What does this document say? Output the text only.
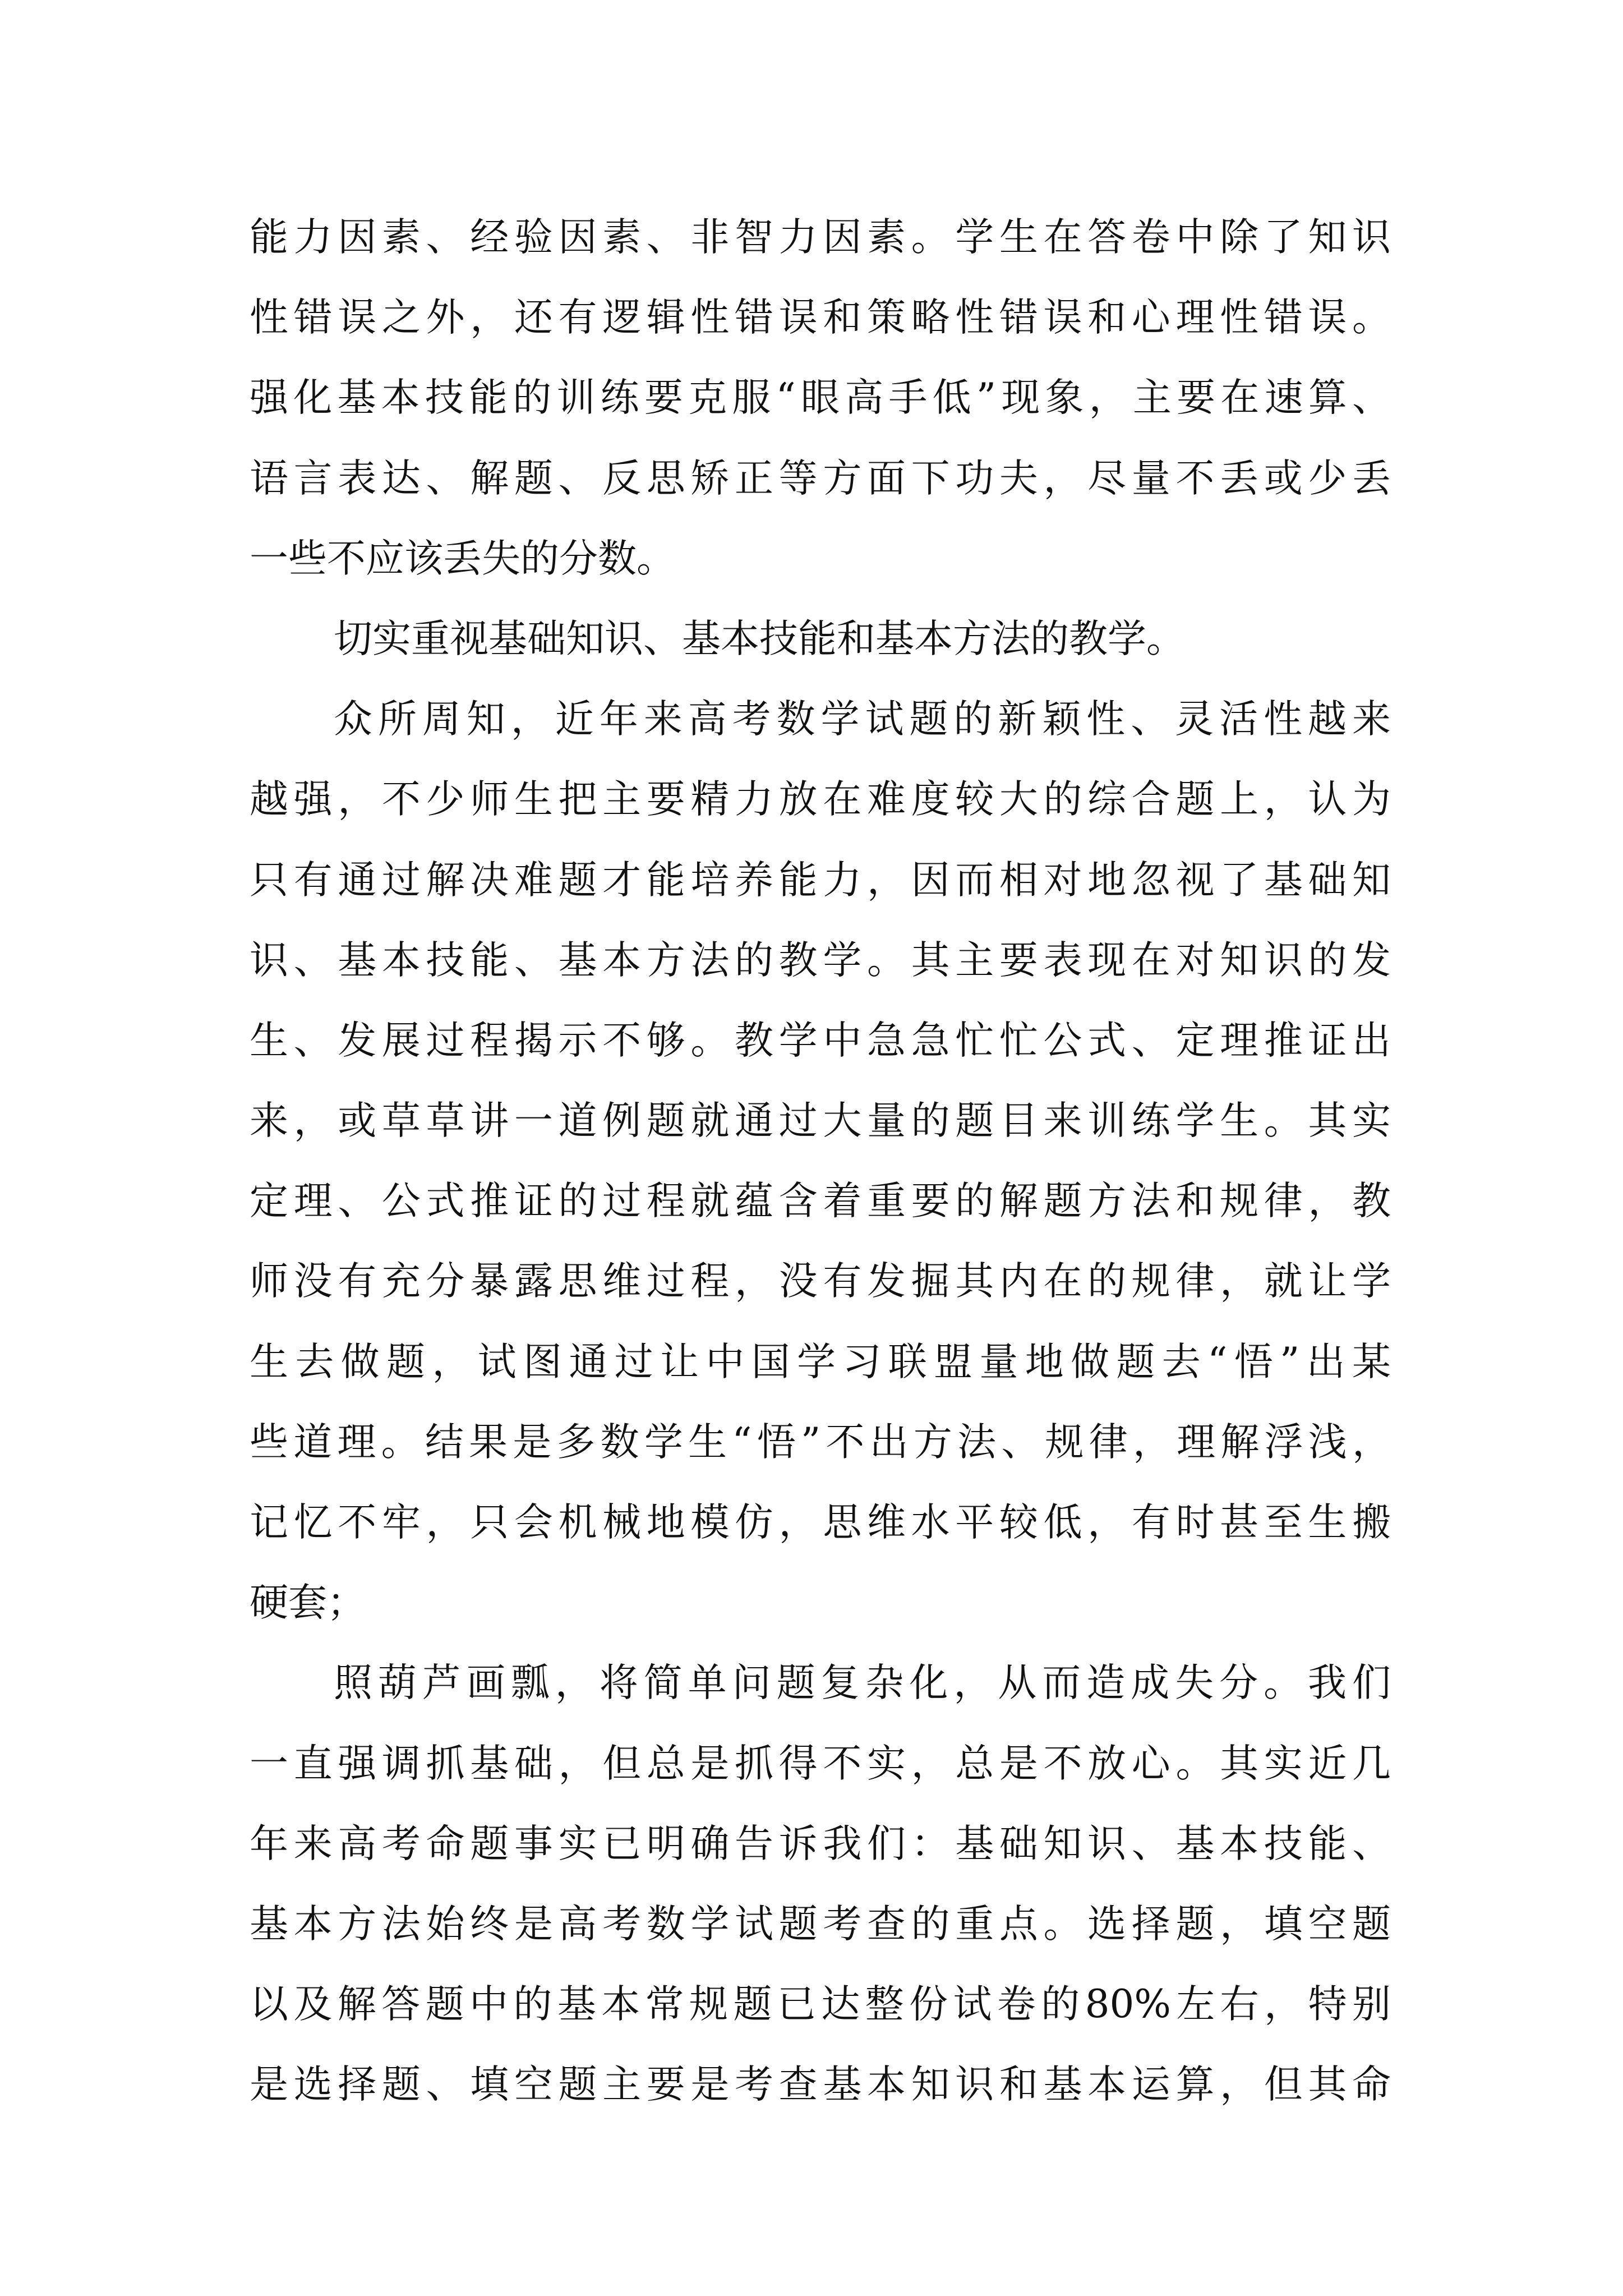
能力因素、经验因素、非智力因素。学生在答卷中除了知识
性错误之外，还有逻辑性错误和策略性错误和心理性错误。
强化基本技能的训练要克服“眼高手低”现象，主要在速算、
语言表达、解题、反思矫正等方面下功夫，尽量不丢或少丢
一些不应该丢失的分数。
切实重视基础知识、基本技能和基本方法的教学。
众所周知，近年来高考数学试题的新颖性、灵活性越来
越强，不少师生把主要精力放在难度较大的综合题上，认为
只有通过解决难题才能培养能力，因而相对地忽视了基础知
识、基本技能、基本方法的教学。其主要表现在对知识的发
生、发展过程揭示不够。教学中急急忙忙公式、定理推证出
来，或草草讲一道例题就通过大量的题目来训练学生。其实
定理、公式推证的过程就蕴含着重要的解题方法和规律，教
师没有充分暴露思维过程，没有发掘其内在的规律，就让学
生去做题，试图通过让中国学习联盟量地做题去“悟”出某
些道理。结果是多数学生“悟”不出方法、规律，理解浮浅，
记忆不牢，只会机械地模仿，思维水平较低，有时甚至生搬
硬套；
照葫芦画瓢，将简单问题复杂化，从而造成失分。我们
一直强调抓基础，但总是抓得不实，总是不放心。其实近几
年来高考命题事实已明确告诉我们：基础知识、基本技能、
基本方法始终是高考数学试题考查的重点。选择题，填空题
以及解答题中的基本常规题已达整份试卷的80%左右，特别
是选择题、填空题主要是考查基本知识和基本运算，但其命
